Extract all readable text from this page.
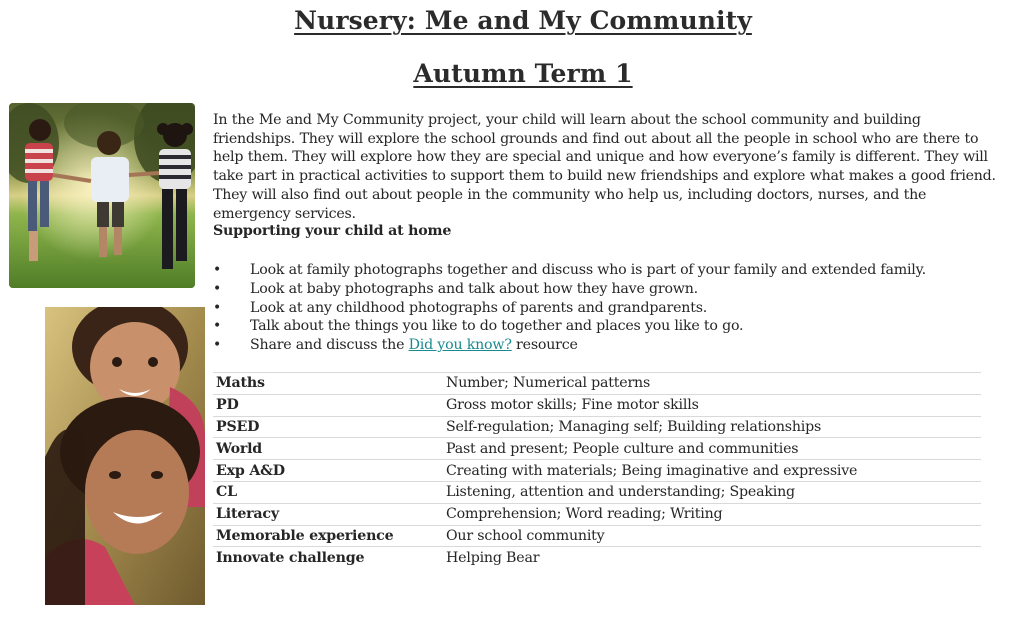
Nursery: Me and My Community
Autumn Term 1

In the Me and My Community project, your child will learn about the school community and building friendships. They will explore the school grounds and find out about all the people in school who are there to help them. They will explore how they are special and unique and how everyone’s family is different. They will take part in practical activities to support them to build new friendships and explore what makes a good friend. They will also find out about people in the community who help us, including doctors, nurses, and the emergency services.

Supporting your child at home

• Look at family photographs together and discuss who is part of your family and extended family.
• Look at baby photographs and talk about how they have grown.
• Look at any childhood photographs of parents and grandparents.
• Talk about the things you like to do together and places you like to go.
• Share and discuss the Did you know? resource
Maths	Number; Numerical patterns
PD	Gross motor skills; Fine motor skills
PSED	Self-regulation; Managing self; Building relationships
World	Past and present; People culture and communities
Exp A&D	Creating with materials; Being imaginative and expressive
CL	Listening, attention and understanding; Speaking
Literacy	Comprehension; Word reading; Writing
Memorable experience	Our school community
Innovate challenge	Helping Bear
